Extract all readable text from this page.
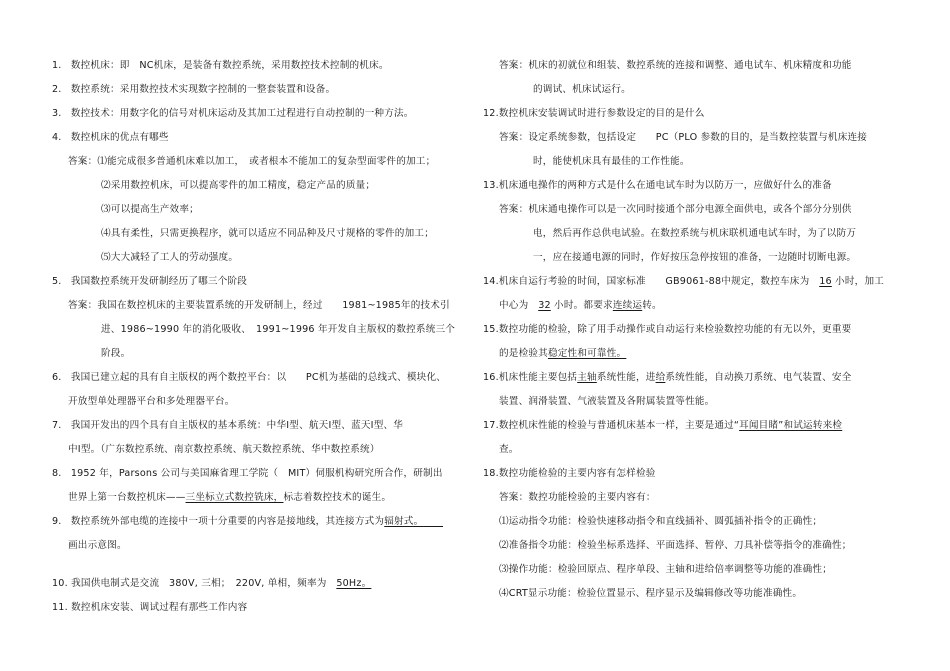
1. 数控机床：即　NC机床，是装备有数控系统，采用数控技术控制的机床。
2. 数控系统：采用数控技术实现数字控制的一整套装置和设备。
3. 数控技术：用数字化的信号对机床运动及其加工过程进行自动控制的一种方法。
4. 数控机床的优点有哪些
答案：⑴能完成很多普通机床难以加工，　或者根本不能加工的复杂型面零件的加工；
⑵采用数控机床，可以提高零件的加工精度，稳定产品的质量；
⑶可以提高生产效率；
⑷具有柔性，只需更换程序，就可以适应不同品种及尺寸规格的零件的加工；
⑸大大减轻了工人的劳动强度。
5. 我国数控系统开发研制经历了哪三个阶段
答案：我国在数控机床的主要装置系统的开发研制上，经过　　1981~1985年的技术引
进、1986~1990 年的消化吸收、　1991~1996 年开发自主版权的数控系统三个
阶段。
6. 我国已建立起的具有自主版权的两个数控平台：以　　PC机为基础的总线式、模块化、
开放型单处理器平台和多处理器平台。
7. 我国开发出的四个具有自主版权的基本系统：中华Ⅰ型、航天Ⅰ型、蓝天Ⅰ型、华
中Ⅰ型。（广东数控系统、南京数控系统、航天数控系统、华中数控系统）
8. 1952 年，Parsons 公司与美国麻省理工学院（　MIT）伺服机构研究所合作，研制出
世界上第一台数控机床——三坐标立式数控铣床，标志着数控技术的诞生。
9. 数控系统外部电缆的连接中一项十分重要的内容是接地线，其连接方式为辐射式。  
画出示意图。
10. 我国供电制式是交流　380V, 三相；　220V, 单相，频率为　50Hz。
11. 数控机床安装、调试过程有那些工作内容
答案：机床的初就位和组装、数控系统的连接和调整、通电试车、机床精度和功能
的调试、机床试运行。
12.数控机床安装调试时进行参数设定的目的是什么
答案：设定系统参数，包括设定　　PC（PLO 参数的目的，是当数控装置与机床连接
时，能使机床具有最佳的工作性能。
13.机床通电操作的两种方式是什么在通电试车时为以防万一，应做好什么的准备
答案：机床通电操作可以是一次同时接通个部分电源全面供电，或各个部分分别供
电，然后再作总供电试验。在数控系统与机床联机通电试车时，为了以防万
一，应在接通电源的同时，作好按压急停按钮的准备，一边随时切断电源。
14.机床自运行考验的时间，国家标准　　GB9061-88中规定，数控车床为　16 小时，加工
中心为　32 小时。都要求连续运转。
15.数控功能的检验，除了用手动操作或自动运行来检验数控功能的有无以外，更重要
的是检验其稳定性和可靠性。
16.机床性能主要包括主轴系统性能，进给系统性能，自动换刀系统、电气装置、安全
装置、润滑装置、气液装置及各附属装置等性能。
17.数控机床性能的检验与普通机床基本一样，主要是通过“耳闻目睹”和试运转来检
查。
18.数控功能检验的主要内容有怎样检验
答案：数控功能检验的主要内容有：
⑴运动指令功能：检验快速移动指令和直线插补、圆弧插补指令的正确性；
⑵准备指令功能：检验坐标系选择、平面选择、暂停、刀具补偿等指令的准确性；
⑶操作功能：检验回原点、程序单段、主轴和进给倍率调整等功能的准确性；
⑷CRT显示功能：检验位置显示、程序显示及编辑修改等功能准确性。
